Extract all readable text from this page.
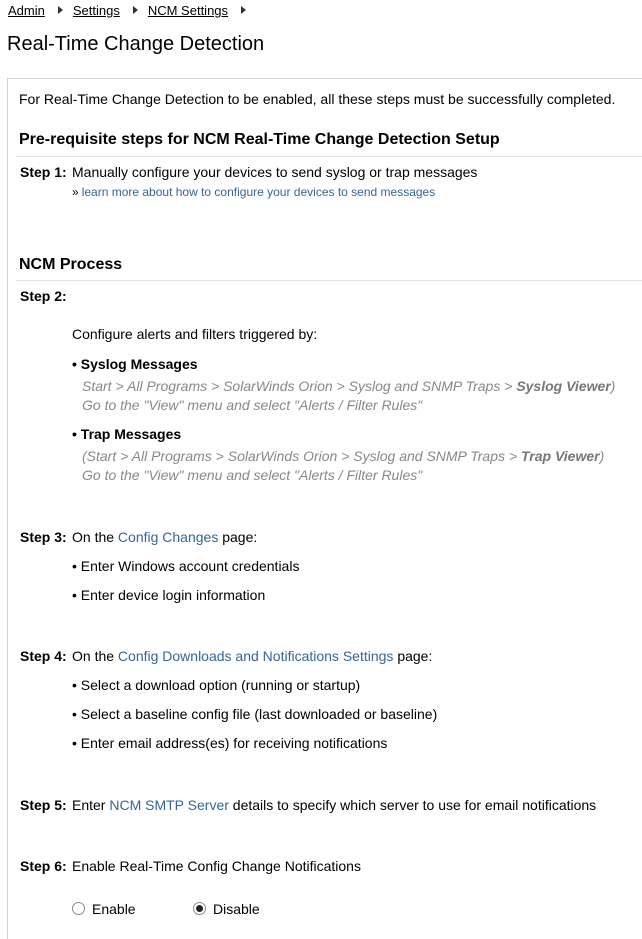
Admin Settings NCM Settings
Real-Time Change Detection
For Real-Time Change Detection to be enabled, all these steps must be successfully completed.
Pre-requisite steps for NCM Real-Time Change Detection Setup
Step 1: Manually configure your devices to send syslog or trap messages
» learn more about how to configure your devices to send messages
NCM Process
Step 2:
Configure alerts and filters triggered by:
• Syslog Messages
Start > All Programs > SolarWinds Orion > Syslog and SNMP Traps > Syslog Viewer)
Go to the "View" menu and select "Alerts / Filter Rules"
• Trap Messages
(Start > All Programs > SolarWinds Orion > Syslog and SNMP Traps > Trap Viewer)
Go to the "View" menu and select "Alerts / Filter Rules"
Step 3: On the Config Changes page:
• Enter Windows account credentials
• Enter device login information
Step 4: On the Config Downloads and Notifications Settings page:
• Select a download option (running or startup)
• Select a baseline config file (last downloaded or baseline)
• Enter email address(es) for receiving notifications
Step 5: Enter NCM SMTP Server details to specify which server to use for email notifications
Step 6: Enable Real-Time Config Change Notifications
Enable	Disable
